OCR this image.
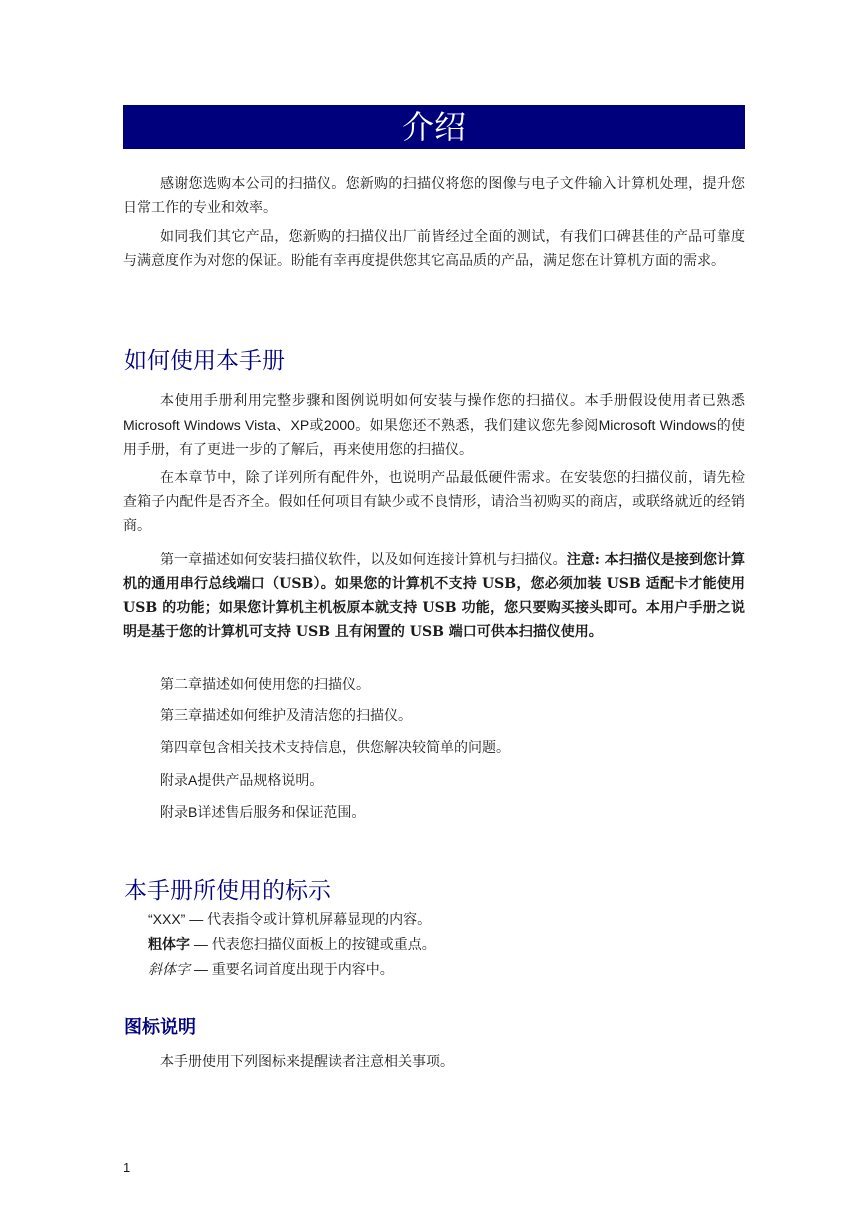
介绍

感谢您选购本公司的扫描仪。您新购的扫描仪将您的图像与电子文件输入计算机处理，提升您日常工作的专业和效率。

如同我们其它产品，您新购的扫描仪出厂前皆经过全面的测试，有我们口碑甚佳的产品可靠度与满意度作为对您的保证。盼能有幸再度提供您其它高品质的产品，满足您在计算机方面的需求。

如何使用本手册

本使用手册利用完整步骤和图例说明如何安装与操作您的扫描仪。本手册假设使用者已熟悉Microsoft Windows Vista、XP或2000。如果您还不熟悉，我们建议您先参阅Microsoft Windows的使用手册，有了更进一步的了解后，再来使用您的扫描仪。

在本章节中，除了详列所有配件外，也说明产品最低硬件需求。在安装您的扫描仪前，请先检查箱子内配件是否齐全。假如任何项目有缺少或不良情形，请洽当初购买的商店，或联络就近的经销商。

第一章描述如何安装扫描仪软件，以及如何连接计算机与扫描仪。注意: 本扫描仪是接到您计算机的通用串行总线端口（USB）。如果您的计算机不支持 USB，您必须加装 USB 适配卡才能使用 USB 的功能；如果您计算机主机板原本就支持 USB 功能，您只要购买接头即可。本用户手册之说明是基于您的计算机可支持 USB 且有闲置的 USB 端口可供本扫描仪使用。

第二章描述如何使用您的扫描仪。

第三章描述如何维护及清洁您的扫描仪。

第四章包含相关技术支持信息，供您解决较简单的问题。

附录A提供产品规格说明。

附录B详述售后服务和保证范围。

本手册所使用的标示

“XXX” — 代表指令或计算机屏幕显现的内容。

粗体字 — 代表您扫描仪面板上的按键或重点。

斜体字 — 重要名词首度出现于内容中。

图标说明

本手册使用下列图标来提醒读者注意相关事项。

1
